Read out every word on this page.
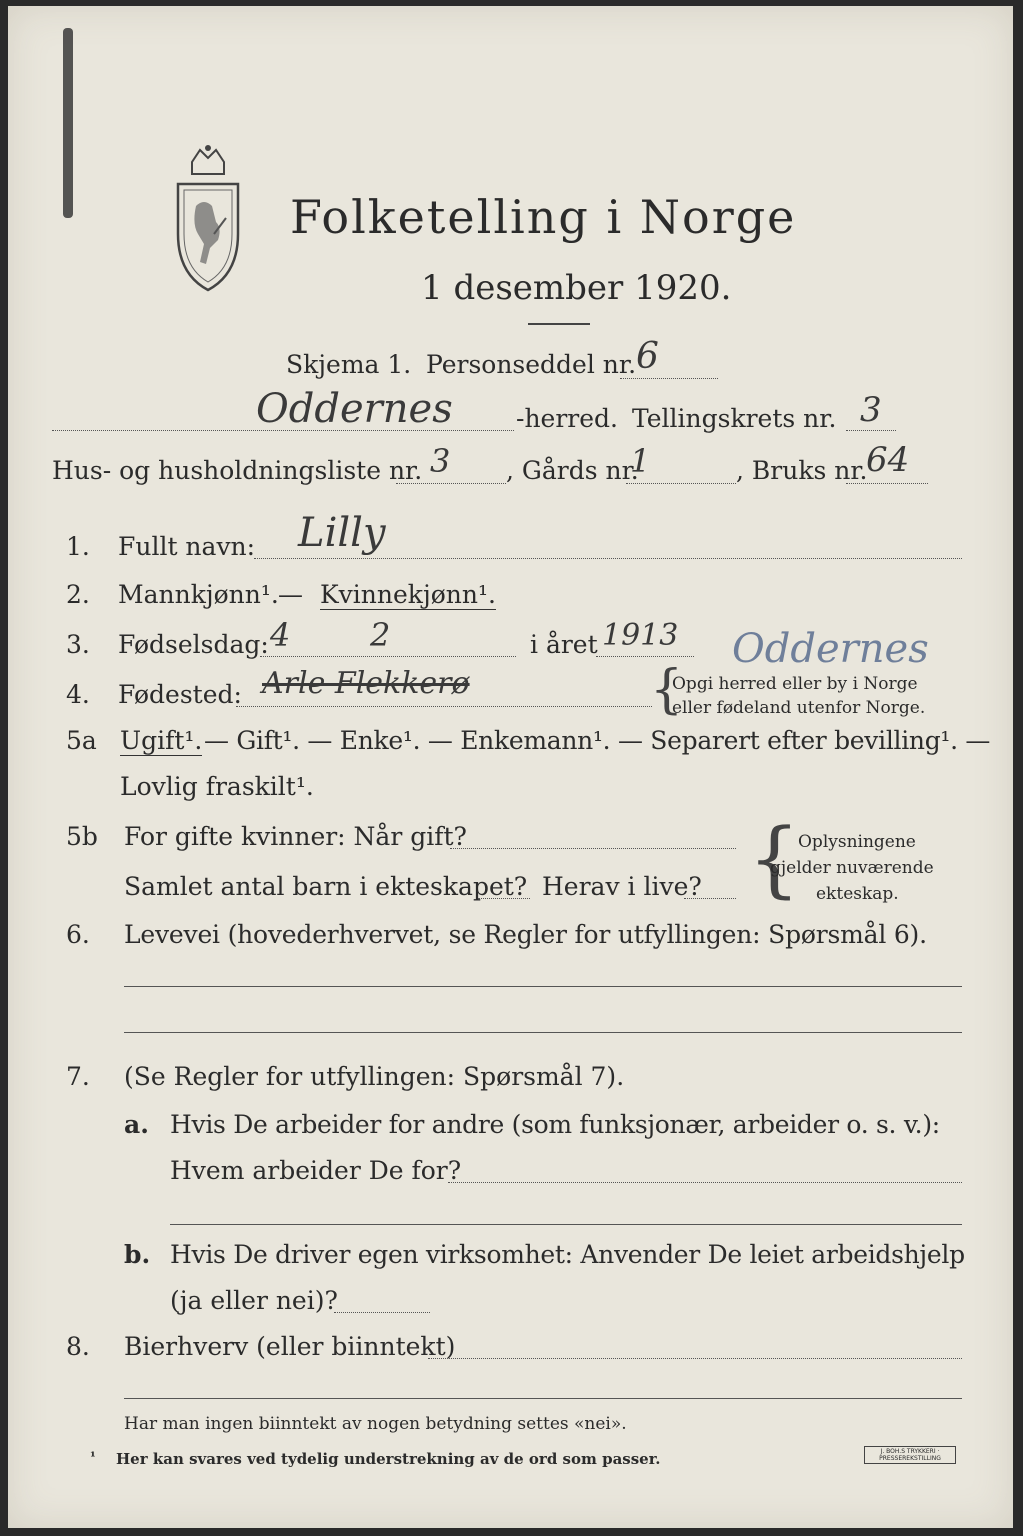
Folketelling i Norge
1 desember 1920.
Skjema 1. Personseddel nr. 6
Oddernes	-herred. Tellingskrets nr. 3
Hus- og husholdningsliste nr. 3 , Gårds nr.
1	, Bruks nr.
64
1. Fullt navn: Lilly
2. Mannkjønn¹. — Kvinnekjønn¹.
3. Fødselsdag: 4 2	i året 1913 Oddernes
4. Fødested: Arle Flekkerø	{
Opgi herred eller by i Norge
eller fødeland utenfor Norge.
5a Ugift¹. — Gift¹. — Enke¹. — Enkemann¹. — Separert efter bevilling¹. —
Lovlig fraskilt¹.
5b For gifte kvinner: Når gift?
Samlet antal barn i ekteskapet? Herav i live? {
Oplysningene
gjelder nuværende
ekteskap.
6. Levevei (hovederhvervet, se Regler for utfyllingen: Spørsmål 6).
7. (Se Regler for utfyllingen: Spørsmål 7).
a. Hvis De arbeider for andre (som funksjonær, arbeider o. s. v.):
Hvem arbeider De for?
b. Hvis De driver egen virksomhet: Anvender De leiet arbeidshjelp
(ja eller nei)?
8. Bierhverv (eller biinntekt)
Har man ingen biinntekt av nogen betydning settes «nei».
¹ Her kan svares ved tydelig understrekning av de ord som passer.	J. BOH.S TRYKKERI · PRESSEREKSTILLING
